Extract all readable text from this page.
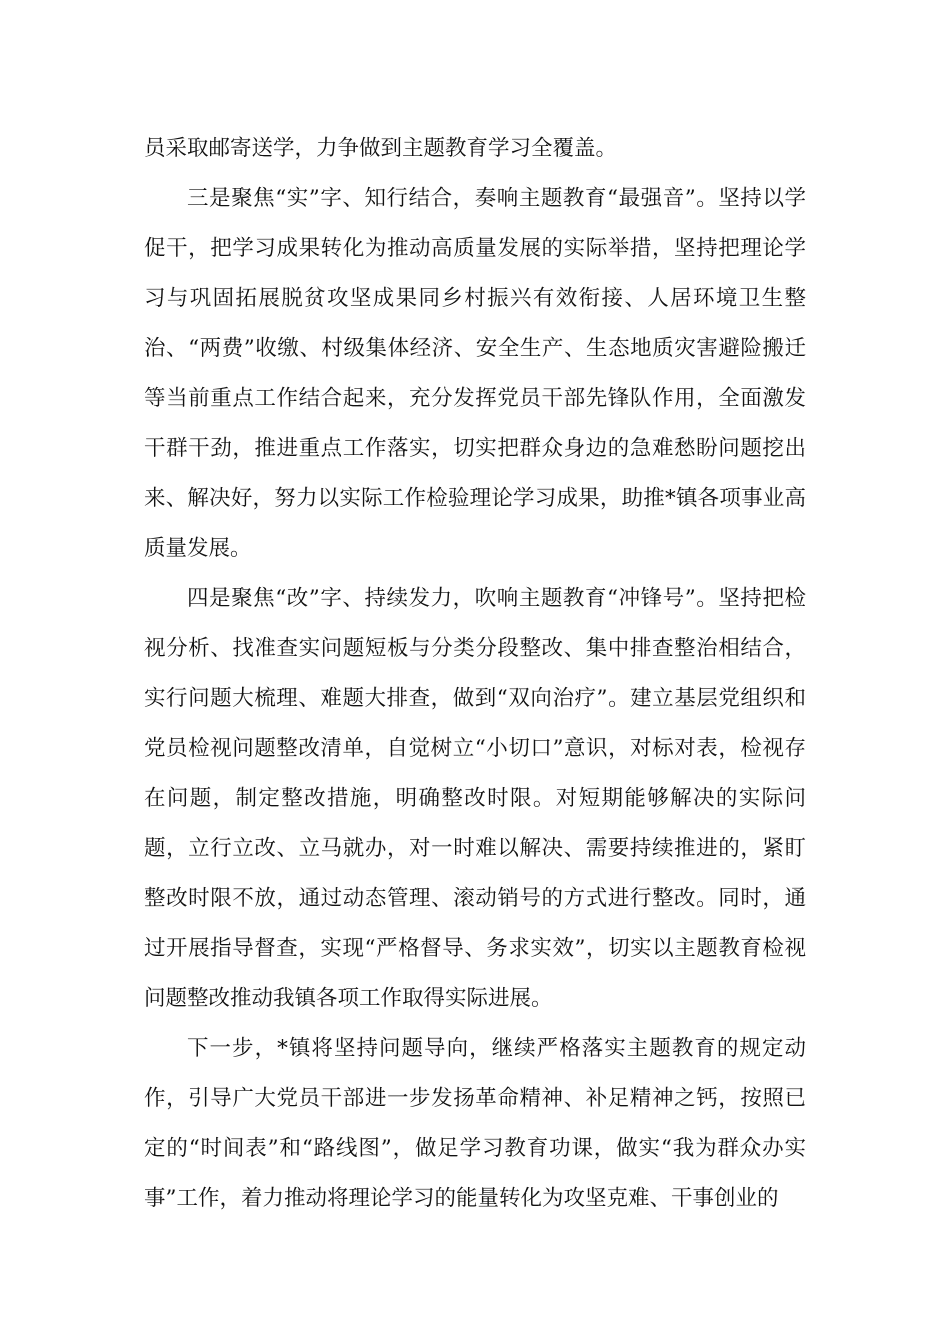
员采取邮寄送学，力争做到主题教育学习全覆盖。

三是聚焦“实”字、知行结合，奏响主题教育“最强音”。坚持以学促干，把学习成果转化为推动高质量发展的实际举措，坚持把理论学习与巩固拓展脱贫攻坚成果同乡村振兴有效衔接、人居环境卫生整治、“两费”收缴、村级集体经济、安全生产、生态地质灾害避险搬迁等当前重点工作结合起来，充分发挥党员干部先锋队作用，全面激发干群干劲，推进重点工作落实，切实把群众身边的急难愁盼问题挖出来、解决好，努力以实际工作检验理论学习成果，助推*镇各项事业高质量发展。

四是聚焦“改”字、持续发力，吹响主题教育“冲锋号”。坚持把检视分析、找准查实问题短板与分类分段整改、集中排查整治相结合，实行问题大梳理、难题大排查，做到“双向治疗”。建立基层党组织和党员检视问题整改清单，自觉树立“小切口”意识，对标对表，检视存在问题，制定整改措施，明确整改时限。对短期能够解决的实际问题，立行立改、立马就办，对一时难以解决、需要持续推进的，紧盯整改时限不放，通过动态管理、滚动销号的方式进行整改。同时，通过开展指导督查，实现“严格督导、务求实效”，切实以主题教育检视问题整改推动我镇各项工作取得实际进展。

下一步，*镇将坚持问题导向，继续严格落实主题教育的规定动作，引导广大党员干部进一步发扬革命精神、补足精神之钙，按照已定的“时间表”和“路线图”，做足学习教育功课，做实“我为群众办实事”工作，着力推动将理论学习的能量转化为攻坚克难、干事创业的
